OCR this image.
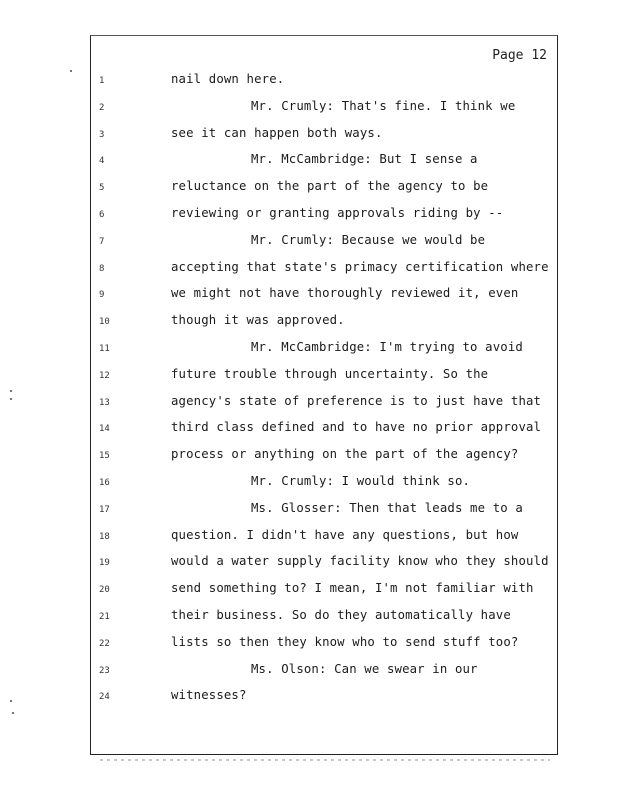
Page 12
1	nail down here.
2	Mr. Crumly: That's fine. I think we
3	see it can happen both ways.
4	Mr. McCambridge: But I sense a
5	reluctance on the part of the agency to be
6	reviewing or granting approvals riding by --
7	Mr. Crumly: Because we would be
8	accepting that state's primacy certification where
9	we might not have thoroughly reviewed it, even
10	though it was approved.
11	Mr. McCambridge: I'm trying to avoid
12	future trouble through uncertainty. So the
13	agency's state of preference is to just have that
14	third class defined and to have no prior approval
15	process or anything on the part of the agency?
16	Mr. Crumly: I would think so.
17	Ms. Glosser: Then that leads me to a
18	question. I didn't have any questions, but how
19	would a water supply facility know who they should
20	send something to? I mean, I'm not familiar with
21	their business. So do they automatically have
22	lists so then they know who to send stuff too?
23	Ms. Olson: Can we swear in our
24	witnesses?
